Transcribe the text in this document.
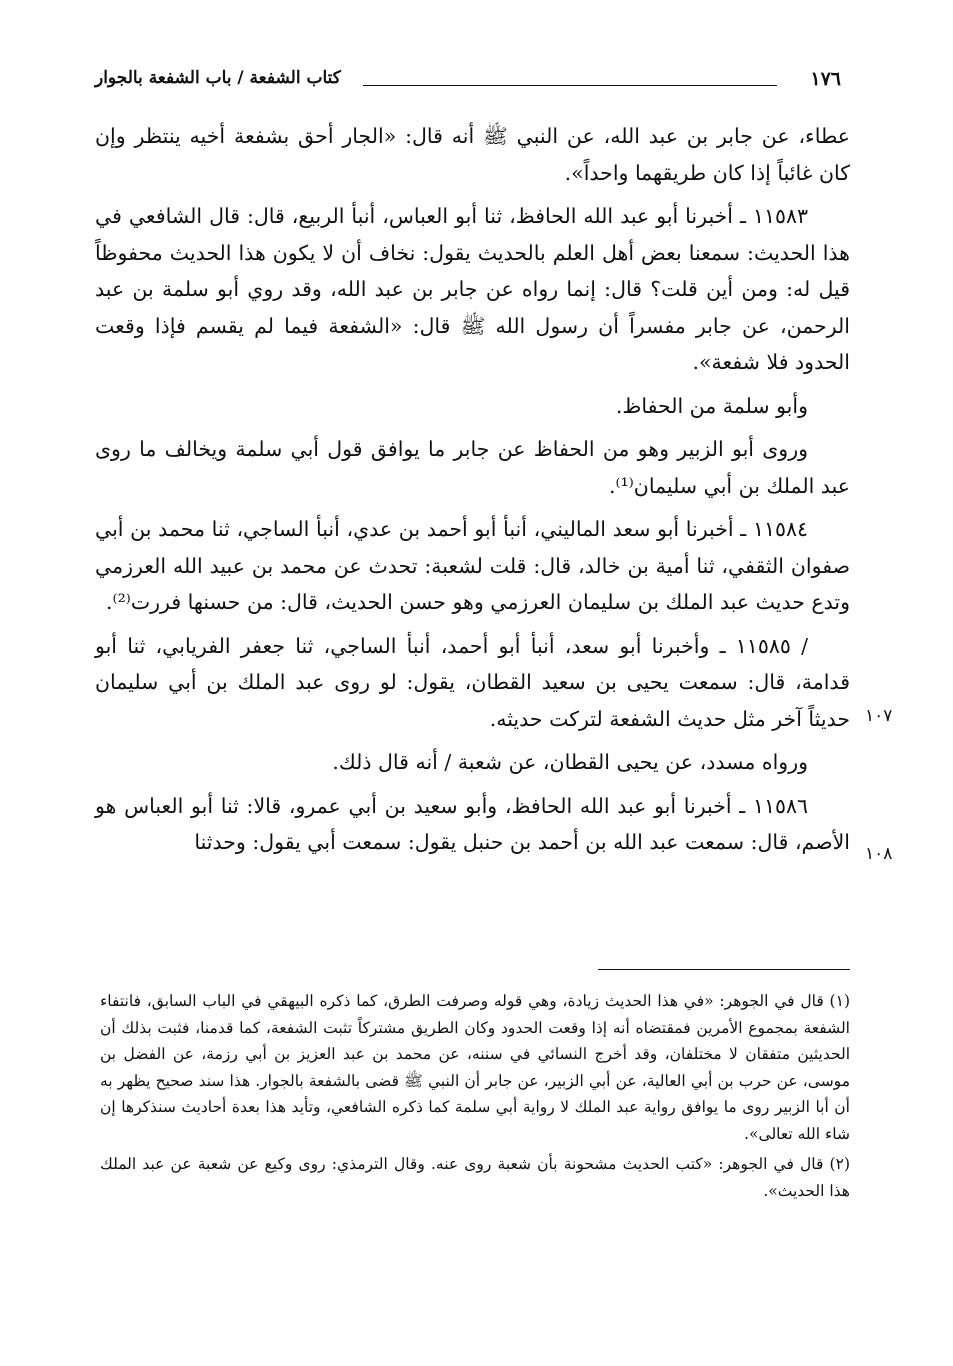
١٧٦
كتاب الشفعة / باب الشفعة بالجوار
١٠٧
١٠٨

عطاء، عن جابر بن عبد الله، عن النبي ﷺ أنه قال: «الجار أحق بشفعة أخيه ينتظر وإن كان غائباً إذا كان طريقهما واحداً».

١١٥٨٣ ـ أخبرنا أبو عبد الله الحافظ، ثنا أبو العباس، أنبأ الربيع، قال: قال الشافعي في هذا الحديث: سمعنا بعض أهل العلم بالحديث يقول: نخاف أن لا يكون هذا الحديث محفوظاً قيل له: ومن أين قلت؟ قال: إنما رواه عن جابر بن عبد الله، وقد روي أبو سلمة بن عبد الرحمن، عن جابر مفسراً أن رسول الله ﷺ قال: «الشفعة فيما لم يقسم فإذا وقعت الحدود فلا شفعة».

وأبو سلمة من الحفاظ.

وروى أبو الزبير وهو من الحفاظ عن جابر ما يوافق قول أبي سلمة ويخالف ما روى عبد الملك بن أبي سليمان⁽¹⁾.

١١٥٨٤ ـ أخبرنا أبو سعد الماليني، أنبأ أبو أحمد بن عدي، أنبأ الساجي، ثنا محمد بن أبي صفوان الثقفي، ثنا أمية بن خالد، قال: قلت لشعبة: تحدث عن محمد بن عبيد الله العرزمي وتدع حديث عبد الملك بن سليمان العرزمي وهو حسن الحديث، قال: من حسنها فررت⁽²⁾.

/ ١١٥٨٥ ـ وأخبرنا أبو سعد، أنبأ أبو أحمد، أنبأ الساجي، ثنا جعفر الفريابي، ثنا أبو قدامة، قال: سمعت يحيى بن سعيد القطان، يقول: لو روى عبد الملك بن أبي سليمان حديثاً آخر مثل حديث الشفعة لتركت حديثه.

ورواه مسدد، عن يحيى القطان، عن شعبة / أنه قال ذلك.

١١٥٨٦ ـ أخبرنا أبو عبد الله الحافظ، وأبو سعيد بن أبي عمرو، قالا: ثنا أبو العباس هو الأصم، قال: سمعت عبد الله بن أحمد بن حنبل يقول: سمعت أبي يقول: وحدثنا

(١) قال في الجوهر: «في هذا الحديث زيادة، وهي قوله وصرفت الطرق، كما ذكره البيهقي في الباب السابق، فانتفاء الشفعة بمجموع الأمرين فمقتضاه أنه إذا وقعت الحدود وكان الطريق مشتركاً تثبت الشفعة، كما قدمنا، فثبت بذلك أن الحديثين متفقان لا مختلفان، وقد أخرج النسائي في سننه، عن محمد بن عبد العزيز بن أبي رزمة، عن الفضل بن موسى، عن حرب بن أبي العالية، عن أبي الزبير، عن جابر أن النبي ﷺ قضى بالشفعة بالجوار. هذا سند صحيح يظهر به أن أبا الزبير روى ما يوافق رواية عبد الملك لا رواية أبي سلمة كما ذكره الشافعي، وتأيد هذا بعدة أحاديث سنذكرها إن شاء الله تعالى».

(٢) قال في الجوهر: «كتب الحديث مشحونة بأن شعبة روى عنه. وقال الترمذي: روى وكيع عن شعبة عن عبد الملك هذا الحديث».
